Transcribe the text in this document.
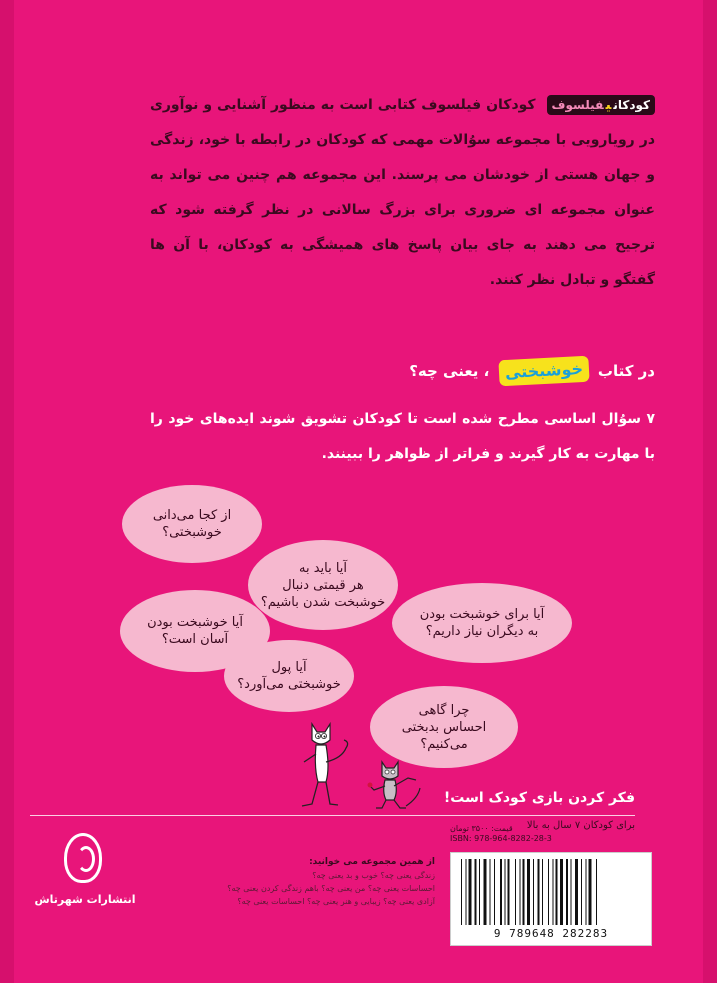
کودکانیفیلسوف کودکان فیلسوف کتابی است به منظور آشنایی و نوآوری در رویارویی با مجموعه سوُالات مهمی که کودکان در رابطه با خود، زندگی و جهان هستی از خودشان می پرسند. این مجموعه هم چنین می تواند به عنوان مجموعه ای ضروری برای بزرگ سالانی در نظر گرفته شود که ترجیح می دهند به جای بیان پاسخ های همیشگی به کودکان، با آن ها گفتگو و تبادل نظر کنند.
در کتاب خوشبختی ، یعنی چه؟
۷ سوُال اساسی مطرح شده است تا کودکان تشویق شوند ایده‌های خود را با مهارت به کار گیرند و فراتر از ظواهر را ببینند.
از کجا می‌دانی
خوشبختی؟
آیا باید به
هر قیمتی دنبال
خوشبخت شدن باشیم؟
آیا خوشبخت بودن
آسان است؟
آیا برای خوشبخت بودن
به دیگران نیاز داریم؟
آیا پول
خوشبختی می‌آورد؟
چرا گاهی
احساس بدبختی
می‌کنیم؟
فکر کردن بازی کودک است!
برای کودکان ۷ سال به بالا
انتشارات شهرتاش
از همین مجموعه می خوانید:
زندگی یعنی چه؟ خوب و بد یعنی چه؟
احساسات یعنی چه؟ من یعنی چه؟ باهم زندگی کردن یعنی چه؟
آزادی یعنی چه؟ زیبایی و هنر یعنی چه؟ احساسات یعنی چه؟
قیمت: ۳۵۰۰ تومان
ISBN: 978-964-8282-28-3
9 789648 282283
